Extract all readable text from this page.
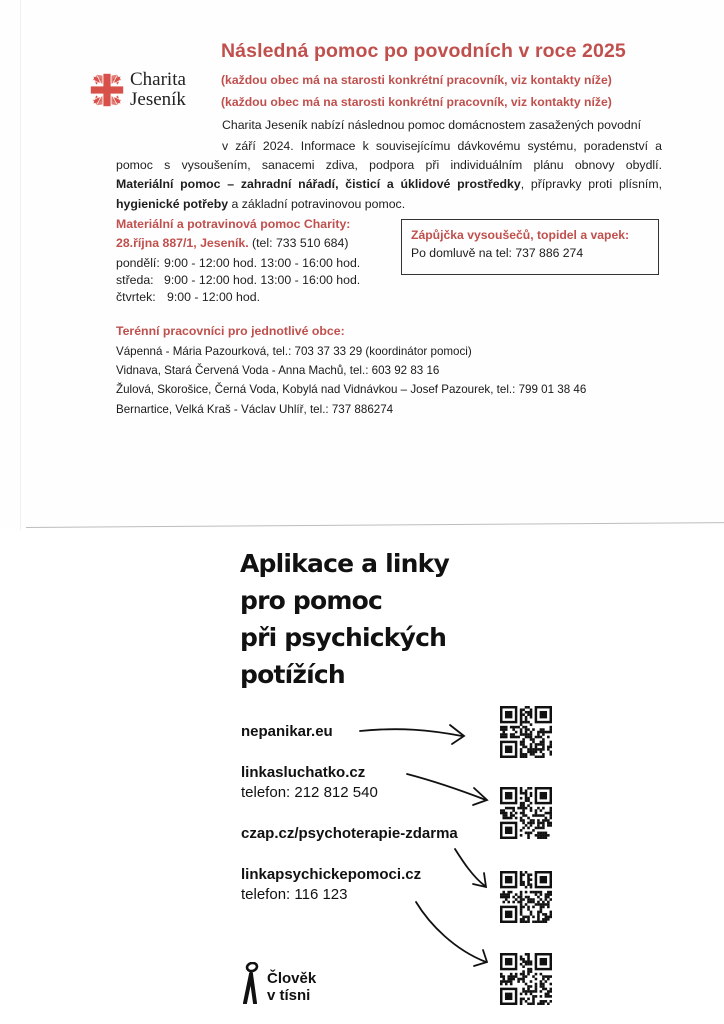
Charita
Jeseník
Následná pomoc po povodních v roce 2025
(každou obec má na starosti konkrétní pracovník, viz kontakty níže)
(každou obec má na starosti konkrétní pracovník, viz kontakty níže)
Charita Jeseník nabízí následnou pomoc domácnostem zasažených povodní
v září 2024. Informace k souvisejícímu dávkovému systému, poradenství a
pomoc s vysoušením, sanacemi zdiva, podpora při individuálním plánu obnovy obydlí.
Materiální pomoc – zahradní nářadí, čisticí a úklidové prostředky, přípravky proti plísním,
hygienické potřeby a základní potravinovou pomoc.
Materiální a potravinová pomoc Charity:
28.října 887/1, Jeseník. (tel: 733 510 684)
pondělí: 9:00 - 12:00 hod. 13:00 - 16:00 hod.
středa: 9:00 - 12:00 hod. 13:00 - 16:00 hod.
čtvrtek: 9:00 - 12:00 hod.
Zápůjčka vysoušečů, topidel a vapek:
Po domluvě na tel: 737 886 274
Terénní pracovníci pro jednotlivé obce:
Vápenná - Mária Pazourková, tel.: 703 37 33 29 (koordinátor pomoci)
Vidnava, Stará Červená Voda - Anna Machů, tel.: 603 92 83 16
Žulová, Skorošice, Černá Voda, Kobylá nad Vidnávkou – Josef Pazourek, tel.: 799 01 38 46
Bernartice, Velká Kraš - Václav Uhlíř, tel.: 737 886274
Aplikace a linky
pro pomoc
při psychických
potížích
nepanikar.eu
linkasluchatko.cz
telefon: 212 812 540
czap.cz/psychoterapie-zdarma
linkapsychickepomoci.cz
telefon: 116 123
Člověk
v tísni
